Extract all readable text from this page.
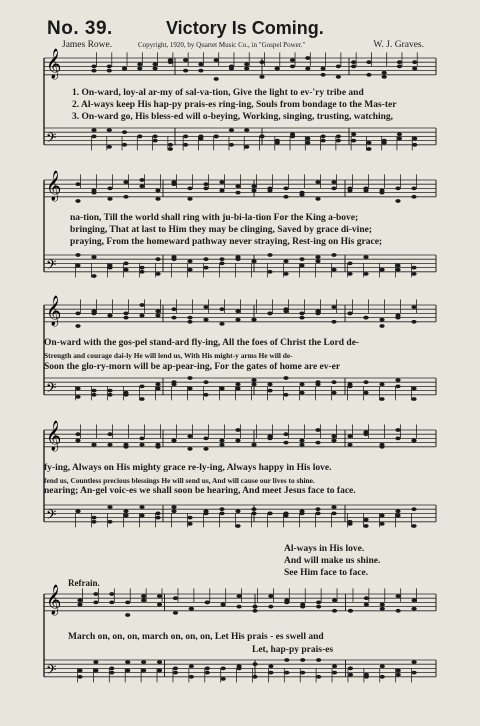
No. 39.	Victory Is Coming.
James Rowe.	Copyright, 1920, by Quartet Music Co., in "Gospel Power."	W. J. Graves.
𝄞
𝄢
𝄞
𝄢
𝄞
𝄢
𝄞
𝄢
𝄞
𝄢
1. On-ward, loy-al ar-my of sal-va-tion, Give the light to ev-'ry tribe and
2. Al-ways keep His hap-py prais-es ring-ing, Souls from bondage to the Mas-ter
3. On-ward go, His bless-ed will o-beying, Working, singing, trusting, watching,
na-tion, Till the world shall ring with ju-bi-la-tion For the King a-bove;
bringing, That at last to Him they may be clinging, Saved by grace di-vine;
praying, From the homeward pathway never straying, Rest-ing on His grace;
On-ward with the gos-pel stand-ard fly-ing, All the foes of Christ the Lord de-
Strength and courage dai-ly He will lend us, With His might-y arms He will de-
Soon the glo-ry-morn will be ap-pear-ing, For the gates of home are ev-er
fy-ing, Always on His mighty grace re-ly-ing, Always happy in His love.
fend us, Countless precious blessings He will send us, And will cause our lives to shine.
nearing; An-gel voic-es we shall soon be hearing, And meet Jesus face to face.
Al-ways in His love.
And will make us shine.
See Him face to face.
Refrain.
March on, on, on, march on, on, on, Let His prais - es swell and
Let, hap-py prais-es
